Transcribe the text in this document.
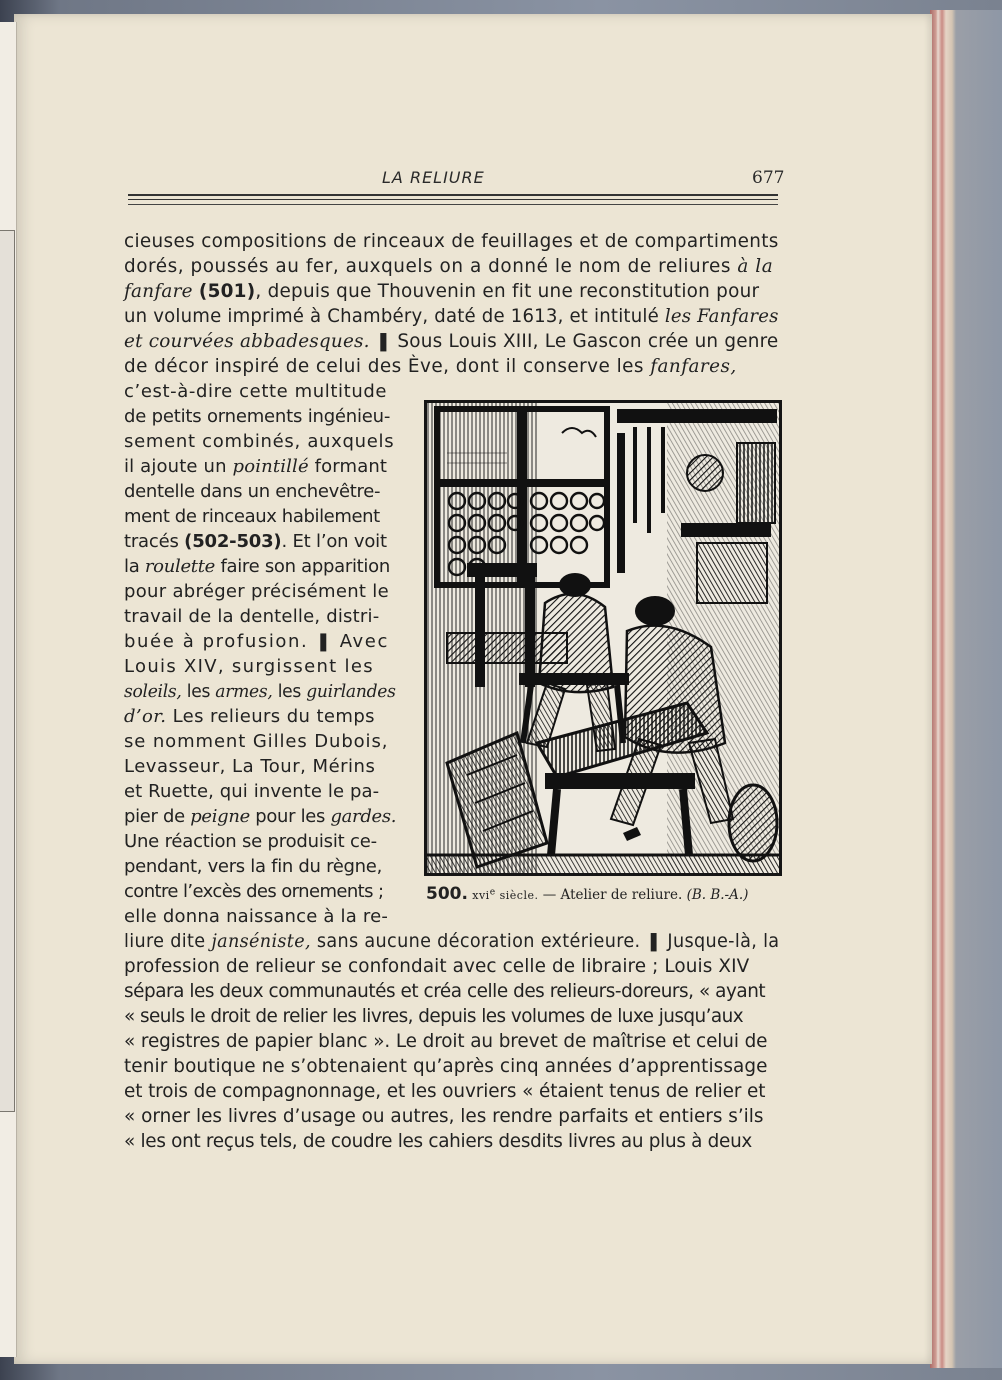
LA RELIURE	677
cieuses compositions de rinceaux de feuillages et de compartiments
dorés, poussés au fer, auxquels on a donné le nom de reliures à la
fanfare (501), depuis que Thouvenin en fit une reconstitution pour
un volume imprimé à Chambéry, daté de 1613, et intitulé les Fanfares
et courvées abbadesques. ❚ Sous Louis XIII, Le Gascon crée un genre
de décor inspiré de celui des Ève, dont il conserve les fanfares,
c’est-à-dire cette multitude
de petits ornements ingénieu-
sement combinés, auxquels
il ajoute un pointillé formant
dentelle dans un enchevêtre-
ment de rinceaux habilement
tracés (502-503). Et l’on voit
la roulette faire son apparition
pour abréger précisément le
travail de la dentelle, distri-
buée à profusion. ❚ Avec
Louis XIV, surgissent les
soleils, les armes, les guirlandes
d’or. Les relieurs du temps
se nomment Gilles Dubois,
Levasseur, La Tour, Mérins
et Ruette, qui invente le pa-
pier de peigne pour les gardes.
Une réaction se produisit ce-
pendant, vers la fin du règne,
contre l’excès des ornements ;
elle donna naissance à la re-
500. xvi$^e$ siècle. — Atelier de reliure. (B. B.-A.)
liure dite janséniste, sans aucune décoration extérieure. ❚ Jusque-là, la
profession de relieur se confondait avec celle de libraire ; Louis XIV
sépara les deux communautés et créa celle des relieurs-doreurs, « ayant
« seuls le droit de relier les livres, depuis les volumes de luxe jusqu’aux
« registres de papier blanc ». Le droit au brevet de maîtrise et celui de
tenir boutique ne s’obtenaient qu’après cinq années d’apprentissage
et trois de compagnonnage, et les ouvriers « étaient tenus de relier et
« orner les livres d’usage ou autres, les rendre parfaits et entiers s’ils
« les ont reçus tels, de coudre les cahiers desdits livres au plus à deux
